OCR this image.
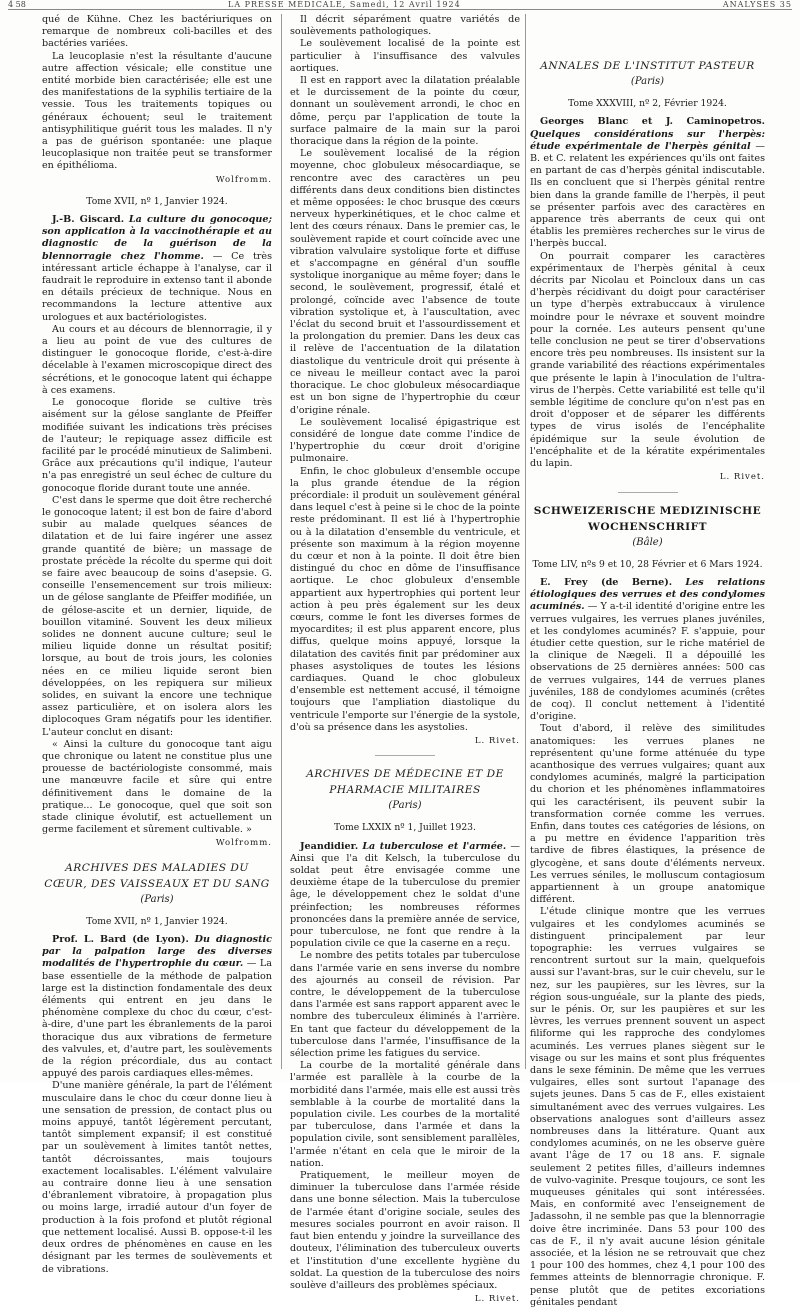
4 58	LA PRESSE MÉDICALE, Samedi, 12 Avril 1924	ANALYSES 35

qué de Kühne. Chez les bactériuriques on remarque de nombreux coli-bacilles et des bactéries variées.

La leucoplasie n'est la résultante d'aucune autre affection vésicale; elle constitue une entité morbide bien caractérisée; elle est une des manifestations de la syphilis tertiaire de la vessie. Tous les traitements topiques ou généraux échouent; seul le traitement antisyphilitique guérit tous les malades. Il n'y a pas de guérison spontanée: une plaque leucoplasique non traitée peut se transformer en épithélioma.

Wolfromm.
Tome XVII, nº 1, Janvier 1924.

J.-B. Giscard. La culture du gonocoque; son application à la vaccinothérapie et au diagnostic de la guérison de la blennorragie chez l'homme. — Ce très intéressant article échappe à l'analyse, car il faudrait le reproduire in extenso tant il abonde en détails précieux de technique. Nous en recommandons la lecture attentive aux urologues et aux bactériologistes.

Au cours et au décours de blennorragie, il y a lieu au point de vue des cultures de distinguer le gonocoque floride, c'est-à-dire décelable à l'examen microscopique direct des sécrétions, et le gonocoque latent qui échappe à ces examens.

Le gonocoque floride se cultive très aisément sur la gélose sanglante de Pfeiffer modifiée suivant les indications très précises de l'auteur; le repiquage assez difficile est facilité par le procédé minutieux de Salimbeni. Grâce aux précautions qu'il indique, l'auteur n'a pas enregistré un seul échec de culture du gonocoque floride durant toute une année.

C'est dans le sperme que doit être recherché le gonocoque latent; il est bon de faire d'abord subir au malade quelques séances de dilatation et de lui faire ingérer une assez grande quantité de bière; un massage de prostate précède la récolte du sperme qui doit se faire avec beaucoup de soins d'asepsie. G. conseille l'ensemencement sur trois milieux: un de gélose sanglante de Pfeiffer modifiée, un de gélose-ascite et un dernier, liquide, de bouillon vitaminé. Souvent les deux milieux solides ne donnent aucune culture; seul le milieu liquide donne un résultat positif; lorsque, au bout de trois jours, les colonies nées en ce milieu liquide seront bien développées, on les repiquera sur milieux solides, en suivant la encore une technique assez particulière, et on isolera alors les diplocoques Gram négatifs pour les identifier. L'auteur conclut en disant:

« Ainsi la culture du gonocoque tant aigu que chronique ou latent ne constitue plus une prouesse de bactériologiste consommé, mais une manœuvre facile et sûre qui entre définitivement dans le domaine de la pratique... Le gonocoque, quel que soit son stade clinique évolutif, est actuellement un germe facilement et sûrement cultivable. »

Wolfromm.
ARCHIVES DES MALADIES DU CŒUR, DES VAISSEAUX ET DU SANG
(Paris)
Tome XVII, nº 1, Janvier 1924.

Prof. L. Bard (de Lyon). Du diagnostic par la palpation large des diverses modalités de l'hypertrophie du cœur. — La base essentielle de la méthode de palpation large est la distinction fondamentale des deux éléments qui entrent en jeu dans le phénomène complexe du choc du cœur, c'est-à-dire, d'une part les ébranlements de la paroi thoracique dus aux vibrations de fermeture des valvules, et, d'autre part, les soulèvements de la région précordiale, dus au contact appuyé des parois cardiaques elles-mêmes.

D'une manière générale, la part de l'élément musculaire dans le choc du cœur donne lieu à une sensation de pression, de contact plus ou moins appuyé, tantôt légèrement percutant, tantôt simplement expansif; il est constitué par un soulèvement à limites tantôt nettes, tantôt décroissantes, mais toujours exactement localisables. L'élément valvulaire au contraire donne lieu à une sensation d'ébranlement vibratoire, à propagation plus ou moins large, irradié autour d'un foyer de production à la fois profond et plutôt régional que nettement localisé. Aussi B. oppose-t-il les deux ordres de phénomènes en cause en les désignant par les termes de soulèvements et de vibrations.

Il décrit séparément quatre variétés de soulèvements pathologiques.

Le soulèvement localisé de la pointe est particulier à l'insuffisance des valvules aortiques.

Il est en rapport avec la dilatation préalable et le durcissement de la pointe du cœur, donnant un soulèvement arrondi, le choc en dôme, perçu par l'application de toute la surface palmaire de la main sur la paroi thoracique dans la région de la pointe.

Le soulèvement localisé de la région moyenne, choc globuleux mésocardiaque, se rencontre avec des caractères un peu différents dans deux conditions bien distinctes et même opposées: le choc brusque des cœurs nerveux hyperkinétiques, et le choc calme et lent des cœurs rénaux. Dans le premier cas, le soulèvement rapide et court coïncide avec une vibration valvulaire systolique forte et diffuse et s'accompagne en général d'un souffle systolique inorganique au même foyer; dans le second, le soulèvement, progressif, étalé et prolongé, coïncide avec l'absence de toute vibration systolique et, à l'auscultation, avec l'éclat du second bruit et l'assourdissement et la prolongation du premier. Dans les deux cas il relève de l'accentuation de la dilatation diastolique du ventricule droit qui présente à ce niveau le meilleur contact avec la paroi thoracique. Le choc globuleux mésocardiaque est un bon signe de l'hypertrophie du cœur d'origine rénale.

Le soulèvement localisé épigastrique est considéré de longue date comme l'indice de l'hypertrophie du cœur droit d'origine pulmonaire.

Enfin, le choc globuleux d'ensemble occupe la plus grande étendue de la région précordiale: il produit un soulèvement général dans lequel c'est à peine si le choc de la pointe reste prédominant. Il est lié à l'hypertrophie ou à la dilatation d'ensemble du ventricule, et présente son maximum à la région moyenne du cœur et non à la pointe. Il doit être bien distingué du choc en dôme de l'insuffisance aortique. Le choc globuleux d'ensemble appartient aux hypertrophies qui portent leur action à peu près également sur les deux cœurs, comme le font les diverses formes de myocardites; il est plus apparent encore, plus diffus, quelque moins appuyé, lorsque la dilatation des cavités finit par prédominer aux phases asystoliques de toutes les lésions cardiaques. Quand le choc globuleux d'ensemble est nettement accusé, il témoigne toujours que l'ampliation diastolique du ventricule l'emporte sur l'énergie de la systole, d'où sa présence dans les asystolies.

L. Rivet.
ARCHIVES DE MÉDECINE ET DE PHARMACIE MILITAIRES
(Paris)
Tome LXXIX nº 1, Juillet 1923.

Jeandidier. La tuberculose et l'armée. — Ainsi que l'a dit Kelsch, la tuberculose du soldat peut être envisagée comme une deuxième étape de la tuberculose du premier âge, le développement chez le soldat d'une préinfection; les nombreuses réformes prononcées dans la première année de service, pour tuberculose, ne font que rendre à la population civile ce que la caserne en a reçu.

Le nombre des petits totales par tuberculose dans l'armée varie en sens inverse du nombre des ajournés au conseil de révision. Par contre, le développement de la tuberculose dans l'armée est sans rapport apparent avec le nombre des tuberculeux éliminés à l'arrière. En tant que facteur du développement de la tuberculose dans l'armée, l'insuffisance de la sélection prime les fatigues du service.

La courbe de la mortalité générale dans l'armée est parallèle à la courbe de la morbidité dans l'armée, mais elle est aussi très semblable à la courbe de mortalité dans la population civile. Les courbes de la mortalité par tuberculose, dans l'armée et dans la population civile, sont sensiblement parallèles, l'armée n'étant en cela que le miroir de la nation.

Pratiquement, le meilleur moyen de diminuer la tuberculose dans l'armée réside dans une bonne sélection. Mais la tuberculose de l'armée étant d'origine sociale, seules des mesures sociales pourront en avoir raison. Il faut bien entendu y joindre la surveillance des douteux, l'élimination des tuberculeux ouverts et l'institution d'une excellente hygiène du soldat. La question de la tuberculose des noirs soulève d'ailleurs des problèmes spéciaux.

L. Rivet.
ANNALES DE L'INSTITUT PASTEUR
(Paris)
Tome XXXVIII, nº 2, Février 1924.

Georges Blanc et J. Caminopetros. Quelques considérations sur l'herpès: étude expérimentale de l'herpès génital — B. et C. relatent les expériences qu'ils ont faites en partant de cas d'herpès génital indiscutable. Ils en concluent que si l'herpès génital rentre bien dans la grande famille de l'herpès, il peut se présenter parfois avec des caractères en apparence très aberrants de ceux qui ont établis les premières recherches sur le virus de l'herpès buccal.

On pourrait comparer les caractères expérimentaux de l'herpès génital à ceux décrits par Nicolau et Poincloux dans un cas d'herpès récidivant du doigt pour caractériser un type d'herpès extrabuccaux à virulence moindre pour le névraxe et souvent moindre pour la cornée. Les auteurs pensent qu'une telle conclusion ne peut se tirer d'observations encore très peu nombreuses. Ils insistent sur la grande variabilité des réactions expérimentales que présente le lapin à l'inoculation de l'ultra-virus de l'herpès. Cette variabilité est telle qu'il semble légitime de conclure qu'on n'est pas en droit d'opposer et de séparer les différents types de virus isolés de l'encéphalite épidémique sur la seule évolution de l'encéphalite et de la kératite expérimentales du lapin.

L. Rivet.
SCHWEIZERISCHE MEDIZINISCHE WOCHENSCHRIFT
(Bâle)
Tome LIV, nºs 9 et 10, 28 Février et 6 Mars 1924.

E. Frey (de Berne). Les relations étiologiques des verrues et des condylomes acuminés. — Y a-t-il identité d'origine entre les verrues vulgaires, les verrues planes juvéniles, et les condylomes acuminés? F. s'appuie, pour étudier cette question, sur le riche matériel de la clinique de Nægeli. Il a dépouillé les observations de 25 dernières années: 500 cas de verrues vulgaires, 144 de verrues planes juvéniles, 188 de condylomes acuminés (crêtes de coq). Il conclut nettement à l'identité d'origine.

Tout d'abord, il relève des similitudes anatomiques: les verrues planes ne représentent qu'une forme atténuée du type acanthosique des verrues vulgaires; quant aux condylomes acuminés, malgré la participation du chorion et les phénomènes inflammatoires qui les caractérisent, ils peuvent subir la transformation cornée comme les verrues. Enfin, dans toutes ces catégories de lésions, on a pu mettre en évidence l'apparition très tardive de fibres élastiques, la présence de glycogène, et sans doute d'éléments nerveux. Les verrues séniles, le molluscum contagiosum appartiennent à un groupe anatomique différent.

L'étude clinique montre que les verrues vulgaires et les condylomes acuminés se distinguent principalement par leur topographie: les verrues vulgaires se rencontrent surtout sur la main, quelquefois aussi sur l'avant-bras, sur le cuir chevelu, sur le nez, sur les paupières, sur les lèvres, sur la région sous-unguéale, sur la plante des pieds, sur le pénis. Or, sur les paupières et sur les lèvres, les verrues prennent souvent un aspect filiforme qui les rapproche des condylomes acuminés. Les verrues planes siègent sur le visage ou sur les mains et sont plus fréquentes dans le sexe féminin. De même que les verrues vulgaires, elles sont surtout l'apanage des sujets jeunes. Dans 5 cas de F., elles existaient simultanément avec des verrues vulgaires. Les observations analogues sont d'ailleurs assez nombreuses dans la littérature. Quant aux condylomes acuminés, on ne les observe guère avant l'âge de 17 ou 18 ans. F. signale seulement 2 petites filles, d'ailleurs indemnes de vulvo-vaginite. Presque toujours, ce sont les muqueuses génitales qui sont intéressées. Mais, en conformité avec l'enseignement de Jadassohn, il ne semble pas que la blennorragie doive être incriminée. Dans 53 pour 100 des cas de F., il n'y avait aucune lésion génitale associée, et la lésion ne se retrouvait que chez 1 pour 100 des hommes, chez 4,1 pour 100 des femmes atteints de blennorragie chronique. F. pense plutôt que de petites excoriations génitales pendant
